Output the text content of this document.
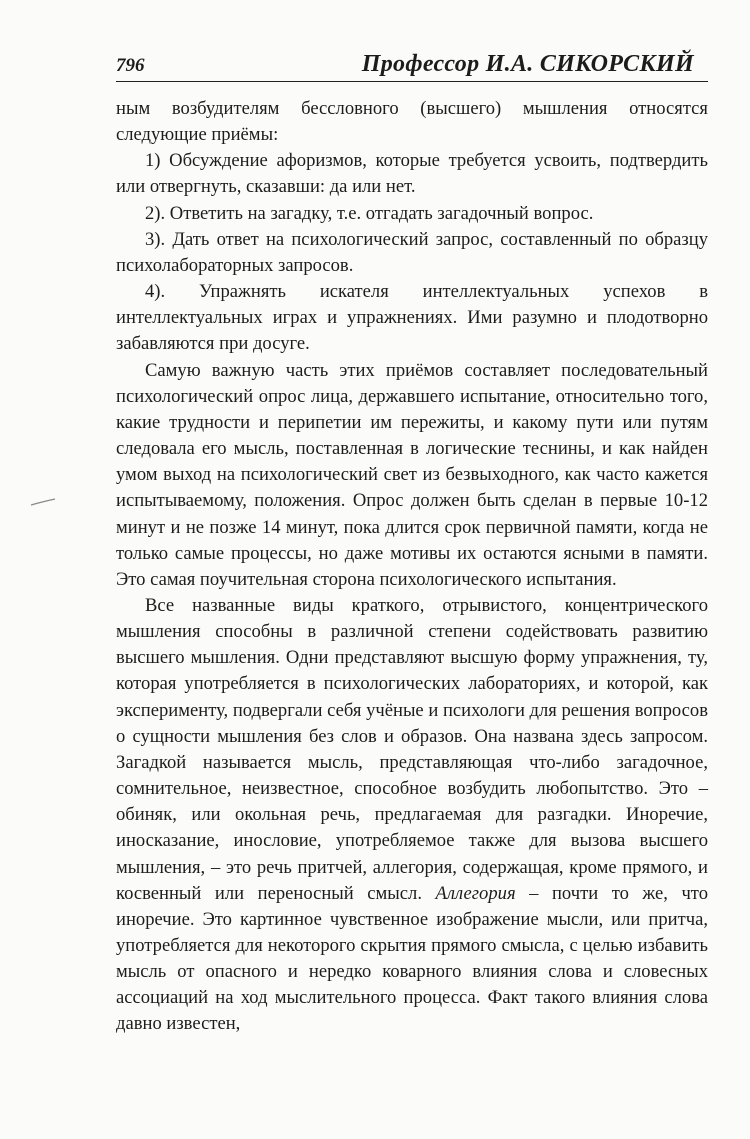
796	Профессор И.А. СИКОРСКИЙ

ным возбудителям бессловного (высшего) мышления относятся следующие приёмы:

1) Обсуждение афоризмов, которые требуется усвоить, подтвердить или отвергнуть, сказавши: да или нет.

2). Ответить на загадку, т.е. отгадать загадочный вопрос.

3). Дать ответ на психологический запрос, составленный по образцу психолабораторных запросов.

4). Упражнять искателя интеллектуальных успехов в интеллектуальных играх и упражнениях. Ими разумно и плодотворно забавляются при досуге.

Самую важную часть этих приёмов составляет последовательный психологический опрос лица, державшего испытание, относительно того, какие трудности и перипетии им пережиты, и какому пути или путям следовала его мысль, поставленная в логические теснины, и как найден умом выход на психологический свет из безвыходного, как часто кажется испытываемому, положения. Опрос должен быть сделан в первые 10-12 минут и не позже 14 минут, пока длится срок первичной памяти, когда не только самые процессы, но даже мотивы их остаются ясными в памяти. Это самая поучительная сторона психологического испытания.

Все названные виды краткого, отрывистого, концентрического мышления способны в различной степени содействовать развитию высшего мышления. Одни представляют высшую форму упражнения, ту, которая употребляется в психологических лабораториях, и которой, как эксперименту, подвергали себя учёные и психологи для решения вопросов о сущности мышления без слов и образов. Она названа здесь запросом. Загадкой называется мысль, представляющая что-либо загадочное, сомнительное, неизвестное, способное возбудить любопытство. Это – обиняк, или окольная речь, предлагаемая для разгадки. Иноречие, иносказание, инословие, употребляемое также для вызова высшего мышления, – это речь притчей, аллегория, содержащая, кроме прямого, и косвенный или переносный смысл. Аллегория – почти то же, что иноречие. Это картинное чувственное изображение мысли, или притча, употребляется для некоторого скрытия прямого смысла, с целью избавить мысль от опасного и нередко коварного влияния слова и словесных ассоциаций на ход мыслительного процесса. Факт такого влияния слова давно известен,
